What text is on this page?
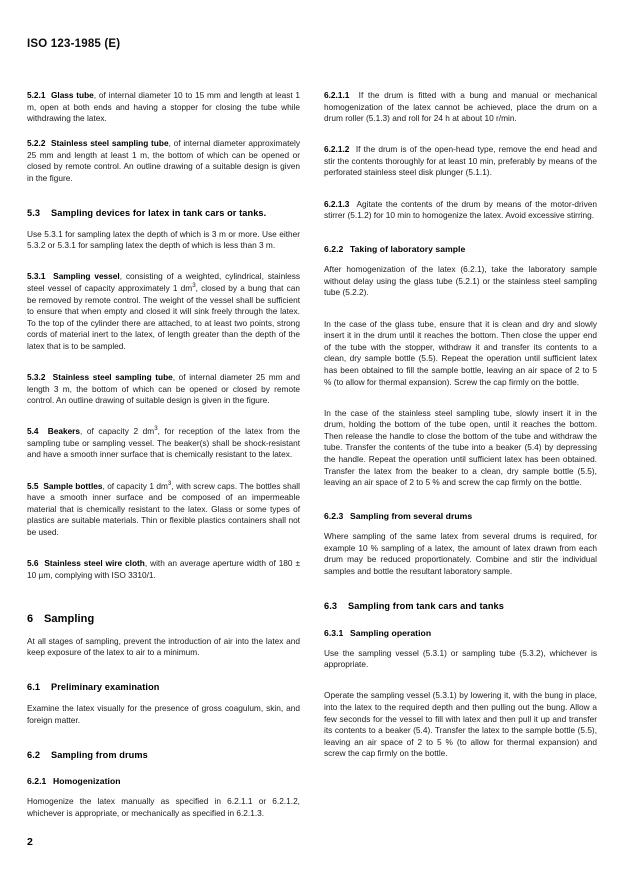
ISO 123-1985 (E)

5.2.1 Glass tube, of internal diameter 10 to 15 mm and length at least 1 m, open at both ends and having a stopper for closing the tube while withdrawing the latex.

5.2.2 Stainless steel sampling tube, of internal diameter approximately 25 mm and length at least 1 m, the bottom of which can be opened or closed by remote control. An outline drawing of a suitable design is given in the figure.

5.3 Sampling devices for latex in tank cars or tanks.

Use 5.3.1 for sampling latex the depth of which is 3 m or more. Use either 5.3.2 or 5.3.1 for sampling latex the depth of which is less than 3 m.

5.3.1 Sampling vessel, consisting of a weighted, cylindrical, stainless steel vessel of capacity approximately 1 $dm^3$, closed by a bung that can be removed by remote control. The weight of the vessel shall be sufficient to ensure that when empty and closed it will sink freely through the latex. To the top of the cylinder there are attached, to at least two points, strong cords of material inert to the latex, of length greater than the depth of the latex that is to be sampled.

5.3.2 Stainless steel sampling tube, of internal diameter 25 mm and length 3 m, the bottom of which can be opened or closed by remote control. An outline drawing of suitable design is given in the figure.

5.4 Beakers, of capacity 2 $dm^3$, for reception of the latex from the sampling tube or sampling vessel. The beaker(s) shall be shock-resistant and have a smooth inner surface that is chemically resistant to the latex.

5.5 Sample bottles, of capacity 1 $dm^3$, with screw caps. The bottles shall have a smooth inner surface and be composed of an impermeable material that is chemically resistant to the latex. Glass or some types of plastics are suitable materials. Thin or flexible plastics containers shall not be used.

5.6 Stainless steel wire cloth, with an average aperture width of 180 ± 10 µm, complying with ISO 3310/1.

6 Sampling

At all stages of sampling, prevent the introduction of air into the latex and keep exposure of the latex to air to a minimum.

6.1 Preliminary examination

Examine the latex visually for the presence of gross coagulum, skin, and foreign matter.

6.2 Sampling from drums
6.2.1 Homogenization

Homogenize the latex manually as specified in 6.2.1.1 or 6.2.1.2, whichever is appropriate, or mechanically as specified in 6.2.1.3.

6.2.1.1 If the drum is fitted with a bung and manual or mechanical homogenization of the latex cannot be achieved, place the drum on a drum roller (5.1.3) and roll for 24 h at about 10 r/min.

6.2.1.2 If the drum is of the open-head type, remove the end head and stir the contents thoroughly for at least 10 min, preferably by means of the perforated stainless steel disk plunger (5.1.1).

6.2.1.3 Agitate the contents of the drum by means of the motor-driven stirrer (5.1.2) for 10 min to homogenize the latex. Avoid excessive stirring.

6.2.2 Taking of laboratory sample

After homogenization of the latex (6.2.1), take the laboratory sample without delay using the glass tube (5.2.1) or the stainless steel sampling tube (5.2.2).

In the case of the glass tube, ensure that it is clean and dry and slowly insert it in the drum until it reaches the bottom. Then close the upper end of the tube with the stopper, withdraw it and transfer its contents to a clean, dry sample bottle (5.5). Repeat the operation until sufficient latex has been obtained to fill the sample bottle, leaving an air space of 2 to 5 % (to allow for thermal expansion). Screw the cap firmly on the bottle.

In the case of the stainless steel sampling tube, slowly insert it in the drum, holding the bottom of the tube open, until it reaches the bottom. Then release the handle to close the bottom of the tube and withdraw the tube. Transfer the contents of the tube into a beaker (5.4) by depressing the handle. Repeat the operation until sufficient latex has been obtained. Transfer the latex from the beaker to a clean, dry sample bottle (5.5), leaving an air space of 2 to 5 % and screw the cap firmly on the bottle.

6.2.3 Sampling from several drums

Where sampling of the same latex from several drums is required, for example 10 % sampling of a latex, the amount of latex drawn from each drum may be reduced proportionately. Combine and stir the individual samples and bottle the resultant laboratory sample.

6.3 Sampling from tank cars and tanks
6.3.1 Sampling operation

Use the sampling vessel (5.3.1) or sampling tube (5.3.2), whichever is appropriate.

Operate the sampling vessel (5.3.1) by lowering it, with the bung in place, into the latex to the required depth and then pulling out the bung. Allow a few seconds for the vessel to fill with latex and then pull it up and transfer its contents to a beaker (5.4). Transfer the latex to the sample bottle (5.5), leaving an air space of 2 to 5 % (to allow for thermal expansion) and screw the cap firmly on the bottle.

2
